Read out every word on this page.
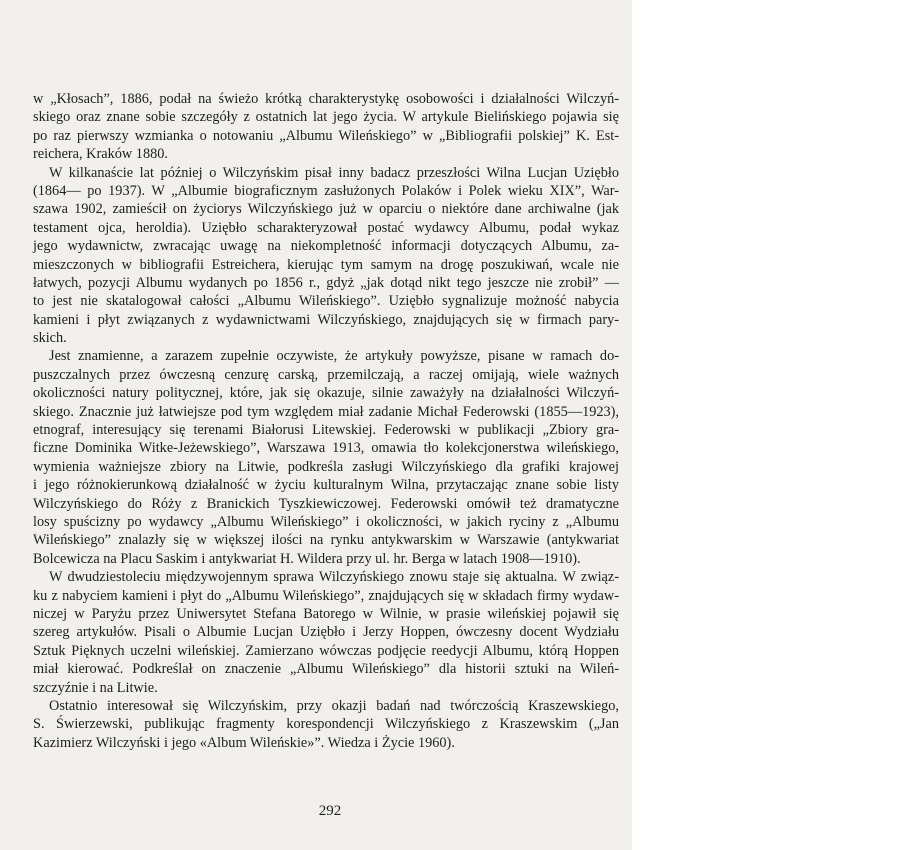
w „Kłosach”, 1886, podał na świeżo krótką charakterystykę osobowości i działalności Wilczyń-
skiego oraz znane sobie szczegóły z ostatnich lat jego życia. W artykule Bielińskiego pojawia się
po raz pierwszy wzmianka o notowaniu „Albumu Wileńskiego” w „Bibliografii polskiej” K. Est-
reichera, Kraków 1880.
W kilkanaście lat później o Wilczyńskim pisał inny badacz przeszłości Wilna Lucjan Uziębło
(1864— po 1937). W „Albumie biograficznym zasłużonych Polaków i Polek wieku XIX”, War-
szawa 1902, zamieścił on życiorys Wilczyńskiego już w oparciu o niektóre dane archiwalne (jak
testament ojca, heroldia). Uziębło scharakteryzował postać wydawcy Albumu, podał wykaz
jego wydawnictw, zwracając uwagę na niekompletność informacji dotyczących Albumu, za-
mieszczonych w bibliografii Estreichera, kierując tym samym na drogę poszukiwań, wcale nie
łatwych, pozycji Albumu wydanych po 1856 r., gdyż „jak dotąd nikt tego jeszcze nie zrobił” —
to jest nie skatalogował całości „Albumu Wileńskiego”. Uziębło sygnalizuje możność nabycia
kamieni i płyt związanych z wydawnictwami Wilczyńskiego, znajdujących się w firmach pary-
skich.
Jest znamienne, a zarazem zupełnie oczywiste, że artykuły powyższe, pisane w ramach do-
puszczalnych przez ówczesną cenzurę carską, przemilczają, a raczej omijają, wiele ważnych
okoliczności natury politycznej, które, jak się okazuje, silnie zaważyły na działalności Wilczyń-
skiego. Znacznie już łatwiejsze pod tym względem miał zadanie Michał Federowski (1855—1923),
etnograf, interesujący się terenami Białorusi Litewskiej. Federowski w publikacji „Zbiory gra-
ficzne Dominika Witke-Jeżewskiego”, Warszawa 1913, omawia tło kolekcjonerstwa wileńskiego,
wymienia ważniejsze zbiory na Litwie, podkreśla zasługi Wilczyńskiego dla grafiki krajowej
i jego różnokierunkową działalność w życiu kulturalnym Wilna, przytaczając znane sobie listy
Wilczyńskiego do Róży z Branickich Tyszkiewiczowej. Federowski omówił też dramatyczne
losy spuścizny po wydawcy „Albumu Wileńskiego” i okoliczności, w jakich ryciny z „Albumu
Wileńskiego” znalazły się w większej ilości na rynku antykwarskim w Warszawie (antykwariat
Bolcewicza na Placu Saskim i antykwariat H. Wildera przy ul. hr. Berga w latach 1908—1910).
W dwudziestoleciu międzywojennym sprawa Wilczyńskiego znowu staje się aktualna. W związ-
ku z nabyciem kamieni i płyt do „Albumu Wileńskiego”, znajdujących się w składach firmy wydaw-
niczej w Paryżu przez Uniwersytet Stefana Batorego w Wilnie, w prasie wileńskiej pojawił się
szereg artykułów. Pisali o Albumie Lucjan Uziębło i Jerzy Hoppen, ówczesny docent Wydziału
Sztuk Pięknych uczelni wileńskiej. Zamierzano wówczas podjęcie reedycji Albumu, którą Hoppen
miał kierować. Podkreślał on znaczenie „Albumu Wileńskiego” dla historii sztuki na Wileń-
szczyźnie i na Litwie.
Ostatnio interesował się Wilczyńskim, przy okazji badań nad twórczością Kraszewskiego,
S. Świerzewski, publikując fragmenty korespondencji Wilczyńskiego z Kraszewskim („Jan
Kazimierz Wilczyński i jego «Album Wileńskie»”. Wiedza i Życie 1960).
292
